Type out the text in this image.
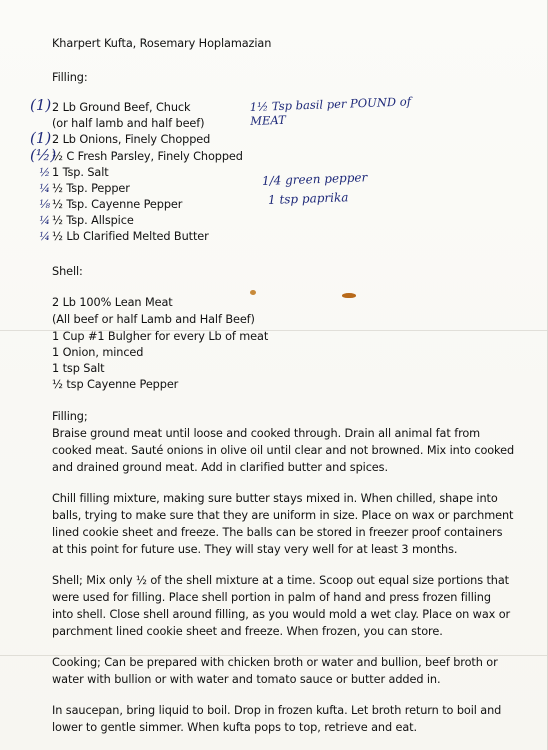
Kharpert Kufta, Rosemary Hoplamazian
Filling:
2 Lb Ground Beef, Chuck
(or half lamb and half beef)
2 Lb Onions, Finely Chopped
½ C Fresh Parsley, Finely Chopped
1 Tsp. Salt
½ Tsp. Pepper
½ Tsp. Cayenne Pepper
½ Tsp. Allspice
½ Lb Clarified Melted Butter
Shell:
2 Lb 100% Lean Meat
(All beef or half Lamb and Half Beef)
1 Cup #1 Bulgher for every Lb of meat
1 Onion, minced
1 tsp Salt
½ tsp Cayenne Pepper
Filling;
Braise ground meat until loose and cooked through. Drain all animal fat from
cooked meat. Sauté onions in olive oil until clear and not browned. Mix into cooked
and drained ground meat. Add in clarified butter and spices.
Chill filling mixture, making sure butter stays mixed in. When chilled, shape into
balls, trying to make sure that they are uniform in size. Place on wax or parchment
lined cookie sheet and freeze. The balls can be stored in freezer proof containers
at this point for future use. They will stay very well for at least 3 months.
Shell; Mix only ½ of the shell mixture at a time. Scoop out equal size portions that
were used for filling. Place shell portion in palm of hand and press frozen filling
into shell. Close shell around filling, as you would mold a wet clay. Place on wax or
parchment lined cookie sheet and freeze. When frozen, you can store.
Cooking; Can be prepared with chicken broth or water and bullion, beef broth or
water with bullion or with water and tomato sauce or butter added in.
In saucepan, bring liquid to boil. Drop in frozen kufta. Let broth return to boil and
lower to gentle simmer. When kufta pops to top, retrieve and eat.
(1)
(1)
(½)
½
¼
⅛
¼
¼
1½ Tsp basil per POUND of MEAT
1/4 green pepper
1 tsp paprika
